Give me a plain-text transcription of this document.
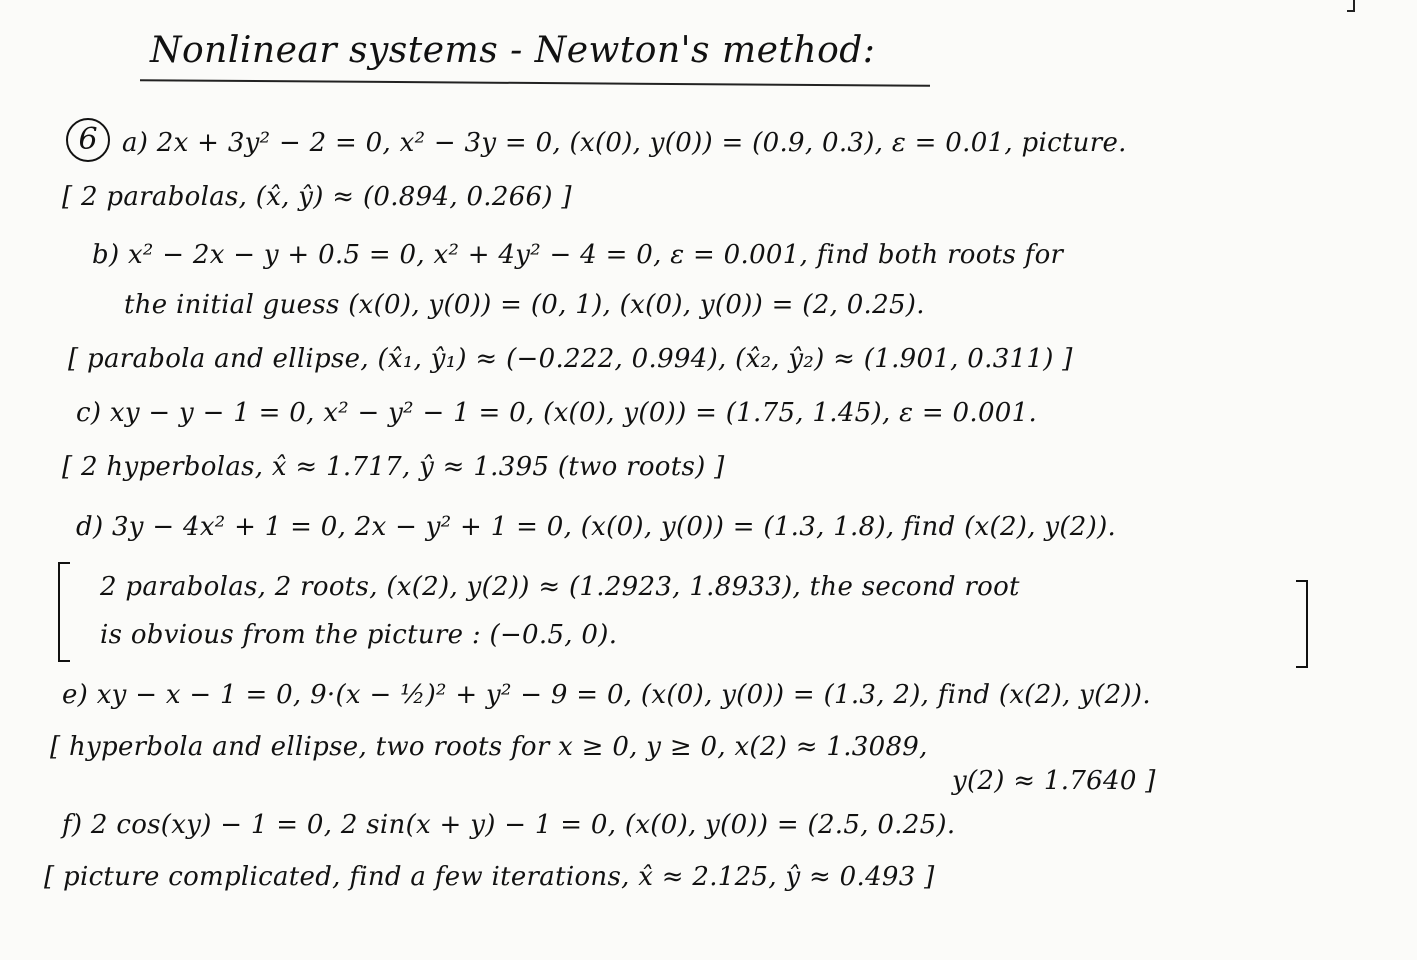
Nonlinear systems - Newton's method:
6 a) 2x + 3y² − 2 = 0, x² − 3y = 0, (x(0), y(0)) = (0.9, 0.3), ε = 0.01, picture.
[ 2 parabolas, (x̂, ŷ) ≈ (0.894, 0.266) ]
b) x² − 2x − y + 0.5 = 0, x² + 4y² − 4 = 0, ε = 0.001, find both roots for
the initial guess (x(0), y(0)) = (0, 1), (x(0), y(0)) = (2, 0.25).
[ parabola and ellipse, (x̂₁, ŷ₁) ≈ (−0.222, 0.994), (x̂₂, ŷ₂) ≈ (1.901, 0.311) ]
c) xy − y − 1 = 0, x² − y² − 1 = 0, (x(0), y(0)) = (1.75, 1.45), ε = 0.001.
[ 2 hyperbolas, x̂ ≈ 1.717, ŷ ≈ 1.395 (two roots) ]
d) 3y − 4x² + 1 = 0, 2x − y² + 1 = 0, (x(0), y(0)) = (1.3, 1.8), find (x(2), y(2)).
2 parabolas, 2 roots, (x(2), y(2)) ≈ (1.2923, 1.8933), the second root
is obvious from the picture : (−0.5, 0).
e) xy − x − 1 = 0, 9·(x − ½)² + y² − 9 = 0, (x(0), y(0)) = (1.3, 2), find (x(2), y(2)).
[ hyperbola and ellipse, two roots for x ≥ 0, y ≥ 0, x(2) ≈ 1.3089,
y(2) ≈ 1.7640 ]
f) 2 cos(xy) − 1 = 0, 2 sin(x + y) − 1 = 0, (x(0), y(0)) = (2.5, 0.25).
[ picture complicated, find a few iterations, x̂ ≈ 2.125, ŷ ≈ 0.493 ]
